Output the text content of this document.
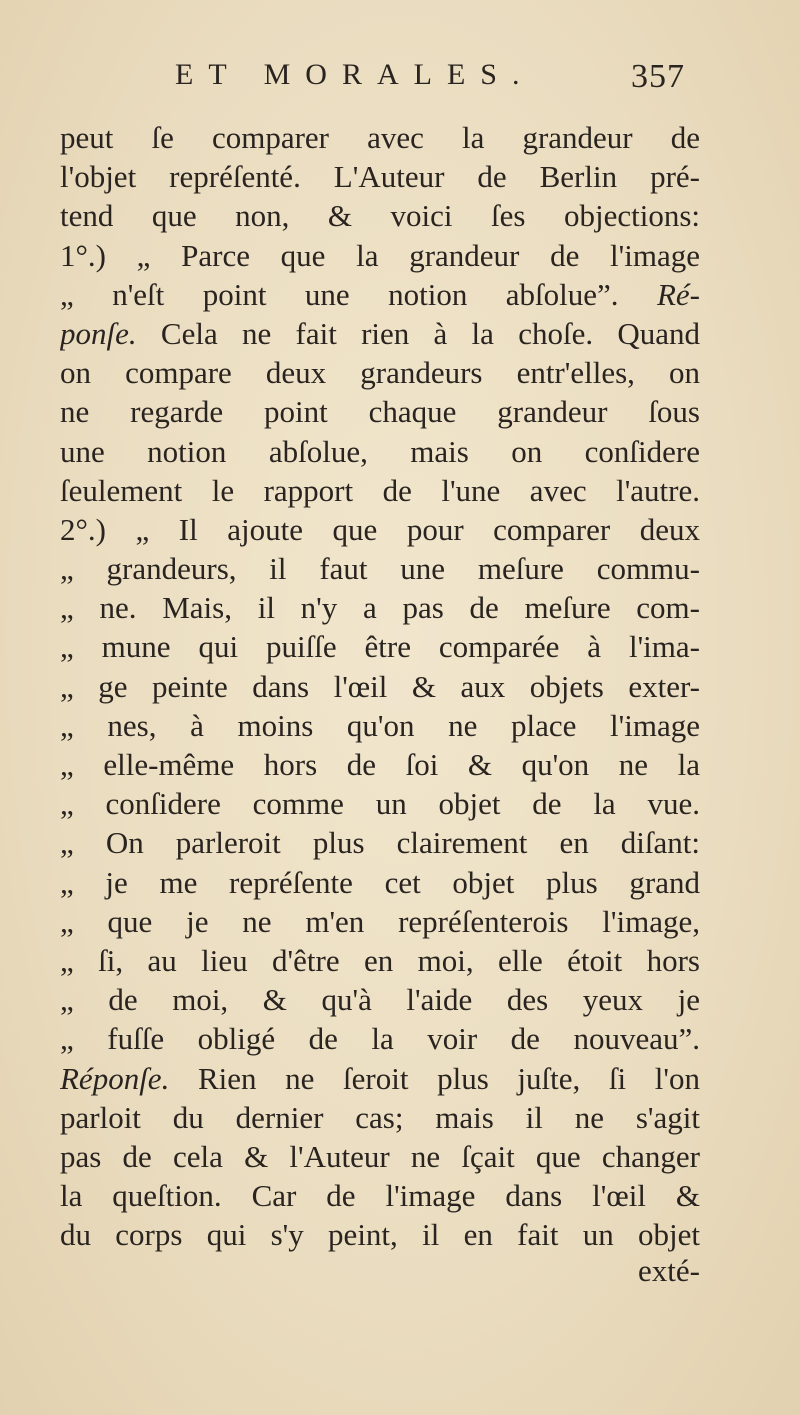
ET MORALES.	357
peut ſe comparer avec la grandeur de
l'objet repréſenté. L'Auteur de Berlin pré-
tend que non, & voici ſes objections:
1°.) „ Parce que la grandeur de l'image
„ n'eſt point une notion abſolue”. Ré-
ponſe. Cela ne fait rien à la choſe. Quand
on compare deux grandeurs entr'elles, on
ne regarde point chaque grandeur ſous
une notion abſolue, mais on conſidere
ſeulement le rapport de l'une avec l'autre.
2°.) „ Il ajoute que pour comparer deux
„ grandeurs, il faut une meſure commu-
„ ne. Mais, il n'y a pas de meſure com-
„ mune qui puiſſe être comparée à l'ima-
„ ge peinte dans l'œil & aux objets exter-
„ nes, à moins qu'on ne place l'image
„ elle-même hors de ſoi & qu'on ne la
„ conſidere comme un objet de la vue.
„ On parleroit plus clairement en diſant:
„ je me repréſente cet objet plus grand
„ que je ne m'en repréſenterois l'image,
„ ſi, au lieu d'être en moi, elle étoit hors
„ de moi, & qu'à l'aide des yeux je
„ fuſſe obligé de la voir de nouveau”.
Réponſe. Rien ne ſeroit plus juſte, ſi l'on
parloit du dernier cas; mais il ne s'agit
pas de cela & l'Auteur ne ſçait que changer
la queſtion. Car de l'image dans l'œil &
du corps qui s'y peint, il en fait un objet
exté-
